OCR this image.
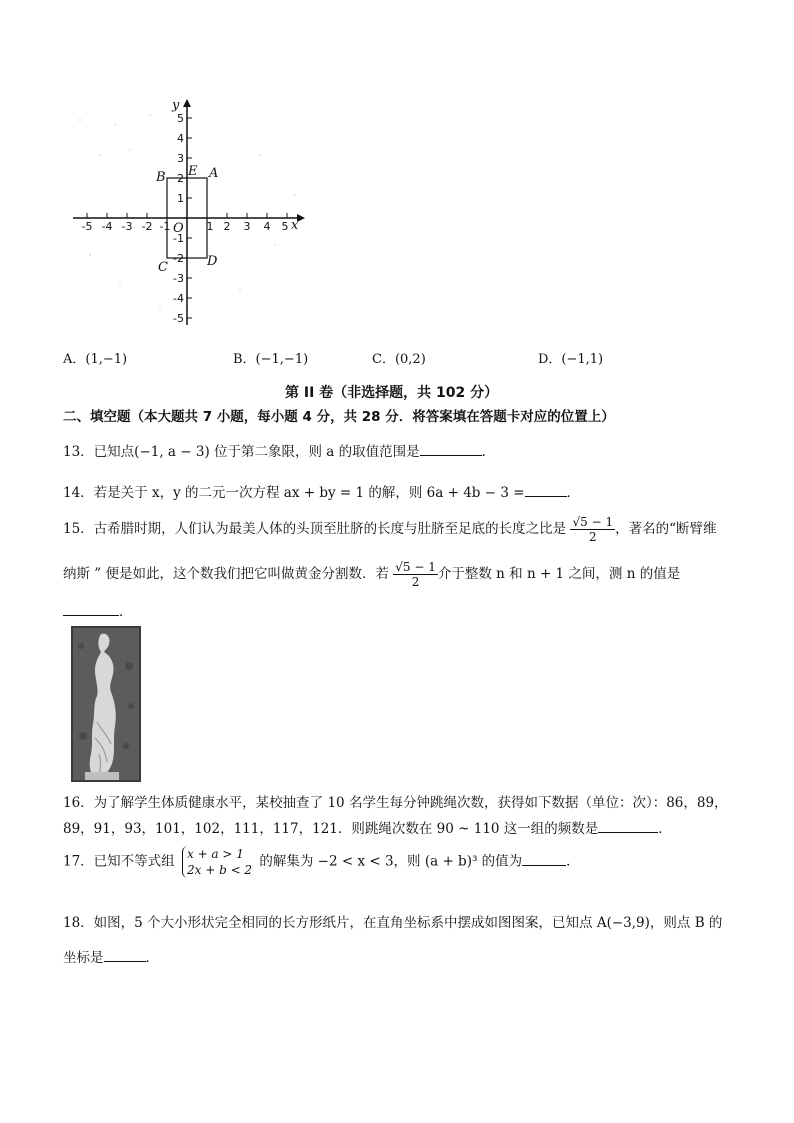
-5 -4 -3 -2 -1	1 2 3 4 5
5
4
3
2
1
-1
-2
-3
-4
-5
y
x
O
B E A
C	D
A．(1,−1)	B．(−1,−1)	C．(0,2)	D．(−1,1)
第 II 卷（非选择题，共 102 分）
二、填空题（本大题共 7 小题，每小题 4 分，共 28 分．将答案填在答题卡对应的位置上）
13．已知点(−1, a − 3) 位于第二象限，则 a 的取值范围是	．
14．若是关于 x，y 的二元一次方程 ax + by = 1 的解，则 6a + 4b − 3 =	．
15．古希腊时期，人们认为最美人体的头顶至肚脐的长度与肚脐至足底的长度之比是 $\frac{√5 - 1}{2}$ ，著名的“断臂维
纳斯 ” 便是如此，这个数我们把它叫做黄金分割数．若 $\frac{√5 - 1}{2}$ 介于整数 n 和 n + 1 之间，测 n 的值是
．
16．为了解学生体质健康水平，某校抽查了 10 名学生每分钟跳绳次数，获得如下数据（单位：次）：86，89，
89，91，93，101，102，111，117，121．则跳绳次数在 90 ~ 110 这一组的频数是	．
17．已知不等式组 x + a > 1
2x + b < 2
的解集为 −2 < x < 3，则 (a + b)³ 的值为	．
18．如图，5 个大小形状完全相同的长方形纸片，在直角坐标系中摆成如图图案，已知点 A(−3,9)，则点 B 的
坐标是	．
